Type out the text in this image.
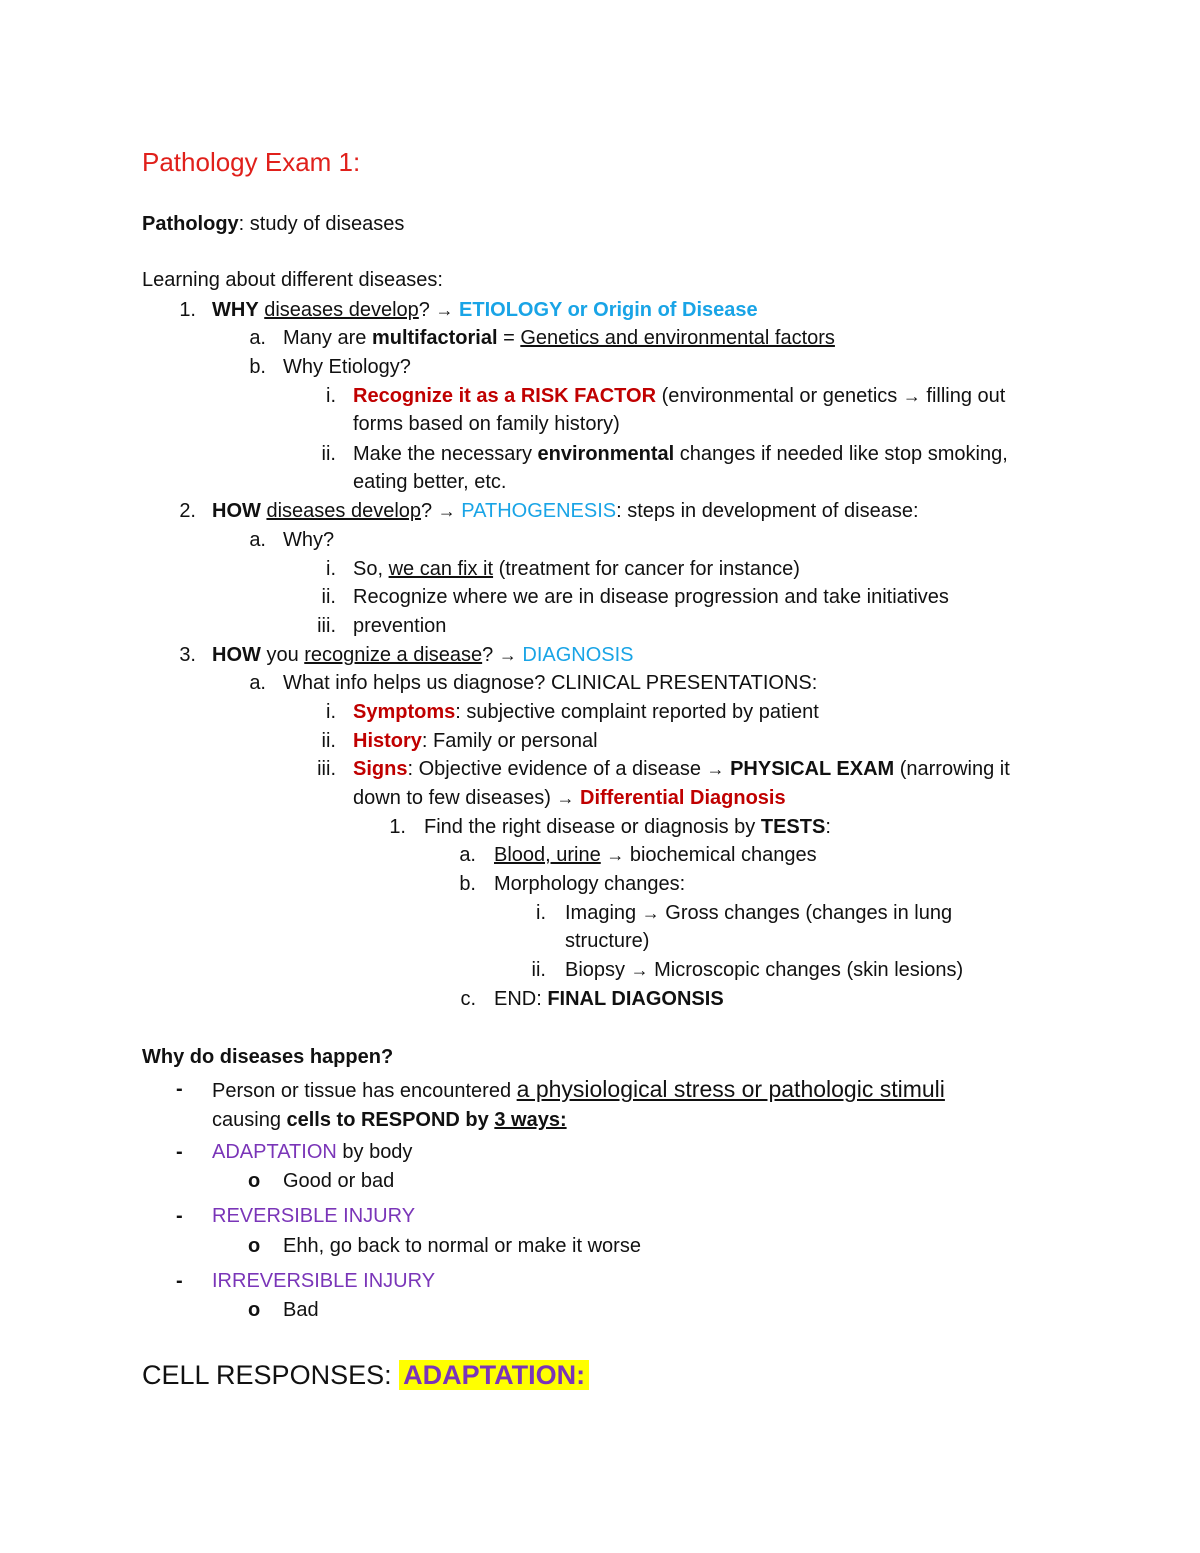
Pathology Exam 1:
Pathology: study of diseases
Learning about different diseases:
1. WHY diseases develop? → ETIOLOGY or Origin of Disease
a. Many are multifactorial = Genetics and environmental factors
b. Why Etiology?
i. Recognize it as a RISK FACTOR (environmental or genetics → filling out
forms based on family history)
ii. Make the necessary environmental changes if needed like stop smoking,
eating better, etc.
2. HOW diseases develop? → PATHOGENESIS: steps in development of disease:
a. Why?
i. So, we can fix it (treatment for cancer for instance)
ii. Recognize where we are in disease progression and take initiatives
iii. prevention
3. HOW you recognize a disease? → DIAGNOSIS
a. What info helps us diagnose? CLINICAL PRESENTATIONS:
i. Symptoms: subjective complaint reported by patient
ii. History: Family or personal
iii. Signs: Objective evidence of a disease → PHYSICAL EXAM (narrowing it
down to few diseases) → Differential Diagnosis
1. Find the right disease or diagnosis by TESTS:
a. Blood, urine → biochemical changes
b. Morphology changes:
i. Imaging → Gross changes (changes in lung
structure)
ii. Biopsy → Microscopic changes (skin lesions)
c. END: FINAL DIAGONSIS
Why do diseases happen?
- Person or tissue has encountered a physiological stress or pathologic stimuli
causing cells to RESPOND by 3 ways:
- ADAPTATION by body
o Good or bad
- REVERSIBLE INJURY
o Ehh, go back to normal or make it worse
- IRREVERSIBLE INJURY
o Bad
CELL RESPONSES: ADAPTATION:
